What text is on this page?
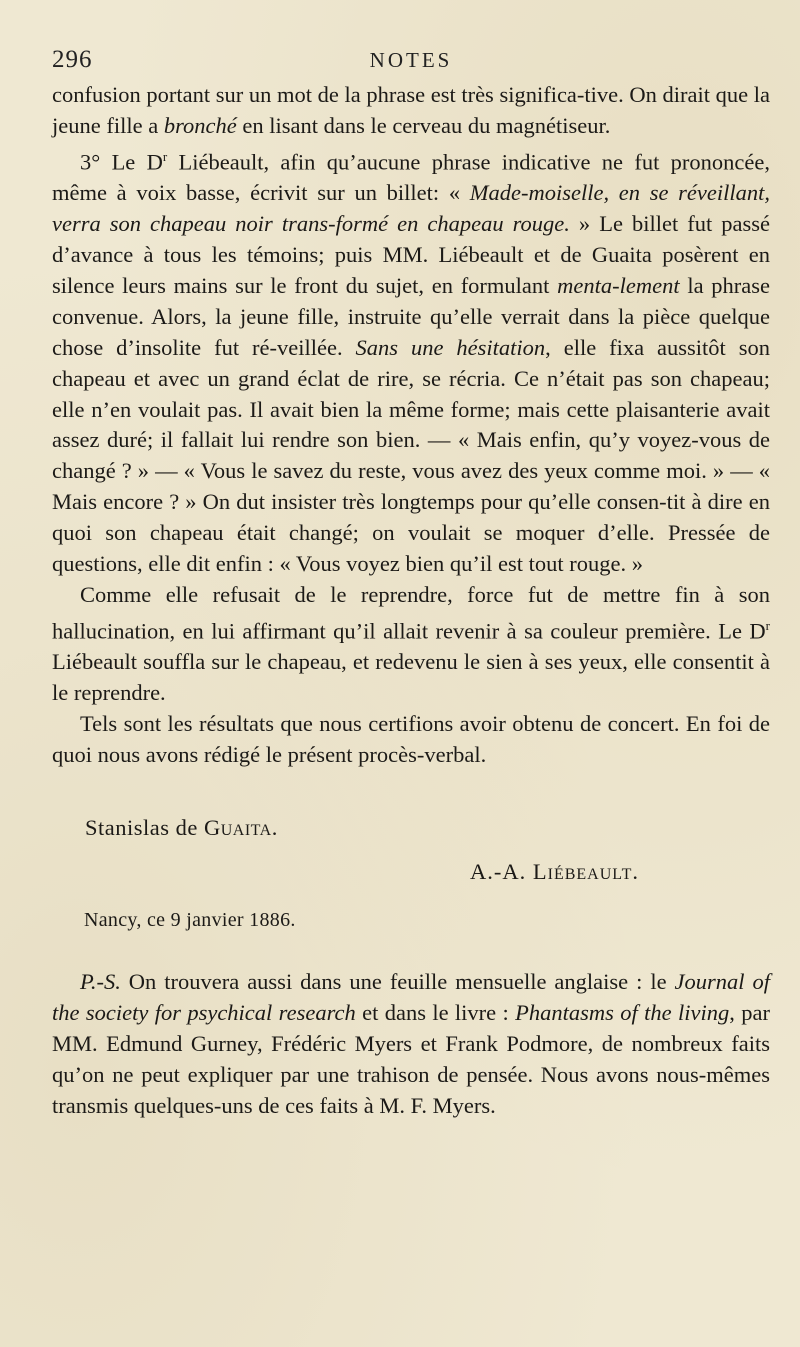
296	NOTES

confusion portant sur un mot de la phrase est très significa-tive. On dirait que la jeune fille a bronché en lisant dans le cerveau du magnétiseur.

3° Le $D^r$ Liébeault, afin qu’aucune phrase indicative ne fut prononcée, même à voix basse, écrivit sur un billet: « Made-moiselle, en se réveillant, verra son chapeau noir trans-formé en chapeau rouge. » Le billet fut passé d’avance à tous les témoins; puis MM. Liébeault et de Guaita posèrent en silence leurs mains sur le front du sujet, en formulant menta-lement la phrase convenue. Alors, la jeune fille, instruite qu’elle verrait dans la pièce quelque chose d’insolite fut ré-veillée. Sans une hésitation, elle fixa aussitôt son chapeau et avec un grand éclat de rire, se récria. Ce n’était pas son chapeau; elle n’en voulait pas. Il avait bien la même forme; mais cette plaisanterie avait assez duré; il fallait lui rendre son bien. — « Mais enfin, qu’y voyez-vous de changé ? » — « Vous le savez du reste, vous avez des yeux comme moi. » — « Mais encore ? » On dut insister très longtemps pour qu’elle consen-tit à dire en quoi son chapeau était changé; on voulait se moquer d’elle. Pressée de questions, elle dit enfin : « Vous voyez bien qu’il est tout rouge. »

Comme elle refusait de le reprendre, force fut de mettre fin à son hallucination, en lui affirmant qu’il allait revenir à sa couleur première. Le $D^r$ Liébeault souffla sur le chapeau, et redevenu le sien à ses yeux, elle consentit à le reprendre.

Tels sont les résultats que nous certifions avoir obtenu de concert. En foi de quoi nous avons rédigé le présent procès-verbal.

Stanislas de Guaita.
A.-A. Liébeault.
Nancy, ce 9 janvier 1886.

P.-S. On trouvera aussi dans une feuille mensuelle anglaise : le Journal of the society for psychical research et dans le livre : Phantasms of the living, par MM. Edmund Gurney, Frédéric Myers et Frank Podmore, de nombreux faits qu’on ne peut expliquer par une trahison de pensée. Nous avons nous-mêmes transmis quelques-uns de ces faits à M. F. Myers.
